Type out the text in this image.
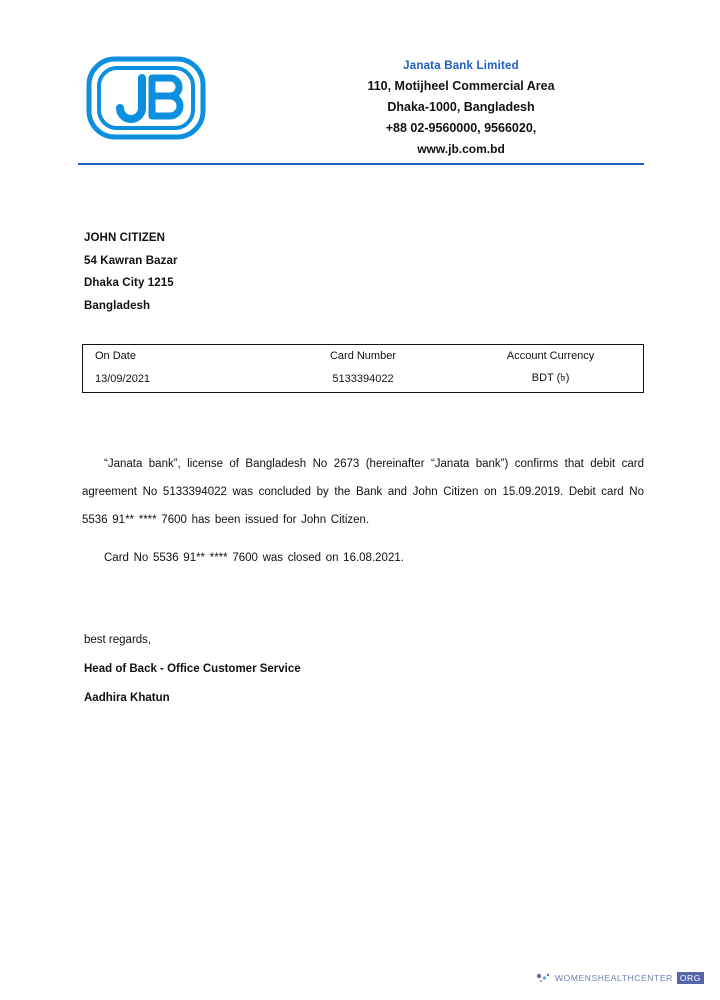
Janata Bank Limited
110, Motijheel Commercial Area
Dhaka-1000, Bangladesh
+88 02-9560000, 9566020,
www.jb.com.bd
JOHN CITIZEN
54 Kawran Bazar
Dhaka City 1215
Bangladesh
On Date	Card Number	Account Currency
13/09/2021	5133394022	BDT (৳)

“Janata bank”, license of Bangladesh No 2673 (hereinafter “Janata bank”) confirms that debit card agreement No 5133394022 was concluded by the Bank and John Citizen on 15.09.2019. Debit card No 5536 91** **** 7600 has been issued for John Citizen.

Card No 5536 91** **** 7600 was closed on 16.08.2021.

best regards,
Head of Back - Office Customer Service
Aadhira Khatun
WOMENSHEALTHCENTER ORG
